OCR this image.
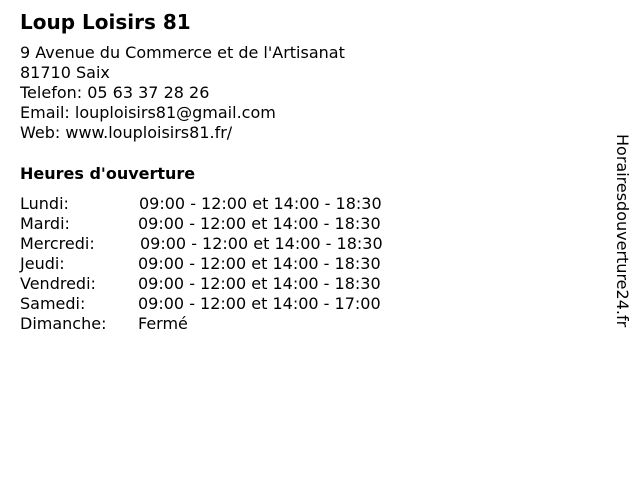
Loup Loisirs 81
9 Avenue du Commerce et de l'Artisanat
81710 Saix
Telefon: 05 63 37 28 26
Email: louploisirs81@gmail.com
Web: www.louploisirs81.fr/
Heures d'ouverture
Lundi:	09:00 - 12:00 et 14:00 - 18:30
Mardi:	09:00 - 12:00 et 14:00 - 18:30
Mercredi:	09:00 - 12:00 et 14:00 - 18:30
Jeudi:	09:00 - 12:00 et 14:00 - 18:30
Vendredi:	09:00 - 12:00 et 14:00 - 18:30
Samedi:	09:00 - 12:00 et 14:00 - 17:00
Dimanche: Fermé	Horairesdouverture24.fr
